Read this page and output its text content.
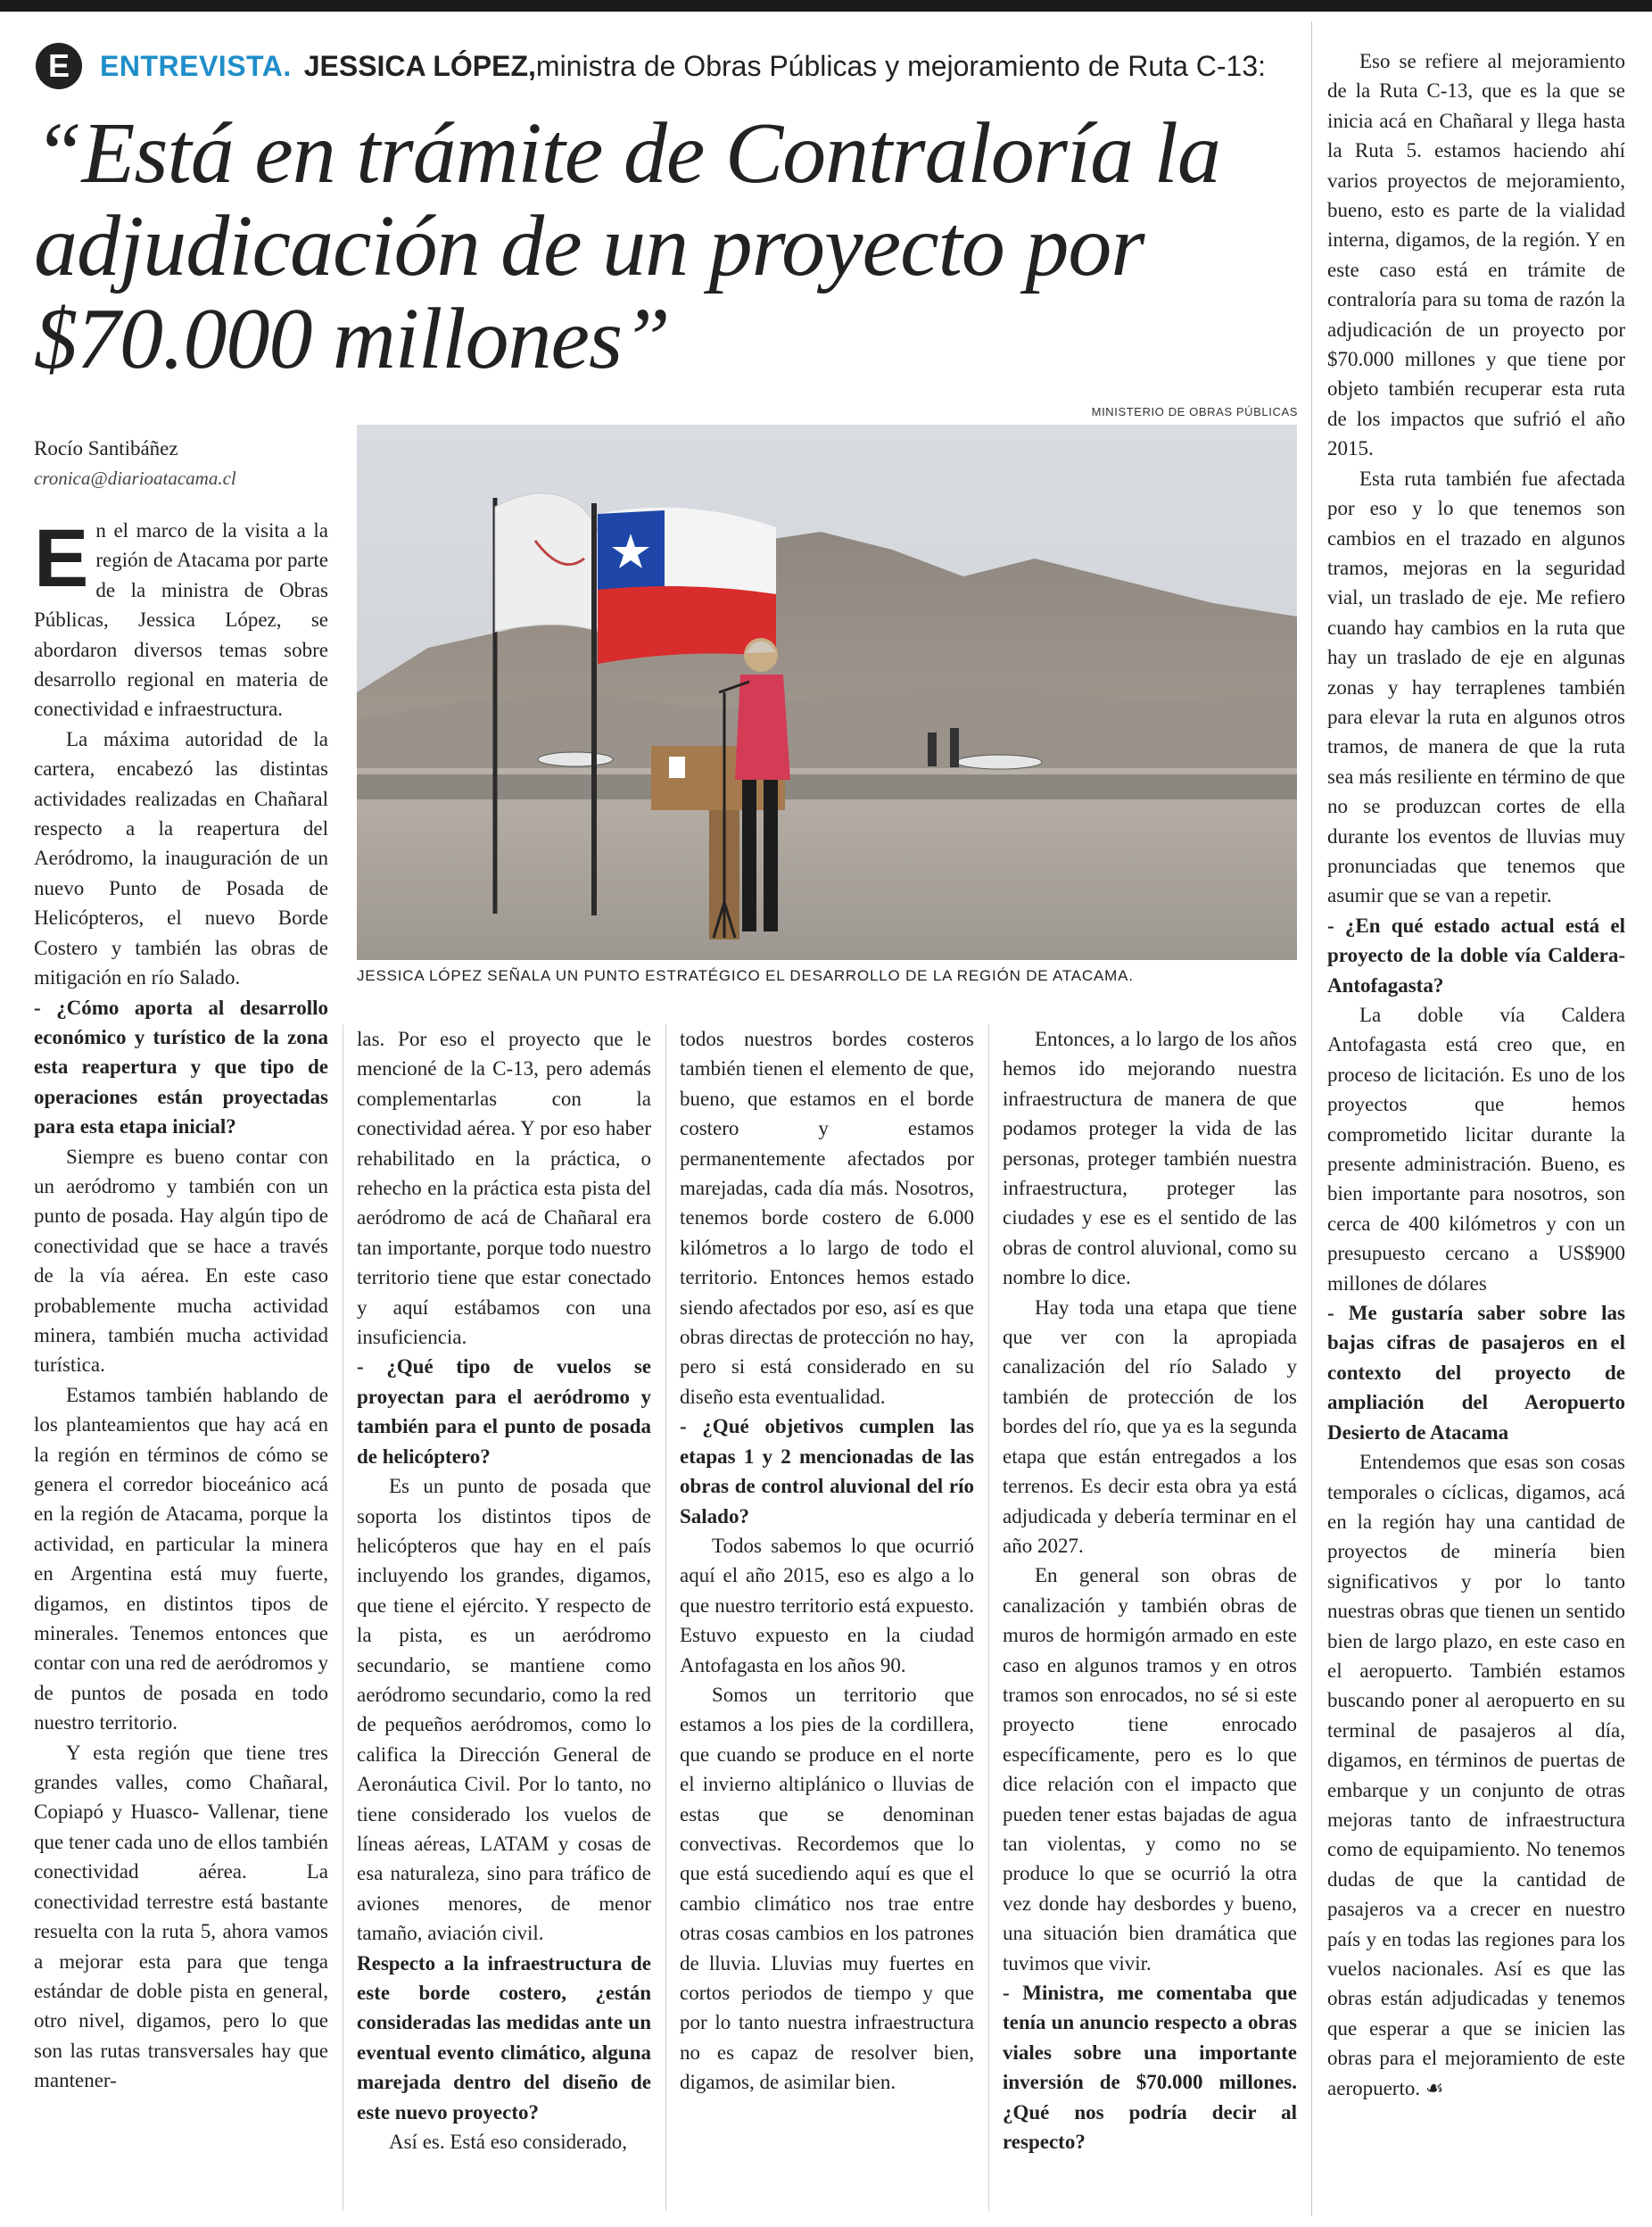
E	ENTREVISTA. JESSICA LÓPEZ, ministra de Obras Públicas y mejoramiento de Ruta C-13:
“Está en trámite de Contraloría la adjudicación de un proyecto por $70.000 millones”
Rocío Santibáñez
cronica@diarioatacama.cl
MINISTERIO DE OBRAS PÚBLICAS
JESSICA LÓPEZ SEÑALA UN PUNTO ESTRATÉGICO EL DESARROLLO DE LA REGIÓN DE ATACAMA.

En el marco de la visita a la región de Atacama por parte de la ministra de Obras Públicas, Jessica López, se abordaron diversos temas sobre desarrollo regional en materia de conectividad e infraestructura.

La máxima autoridad de la cartera, encabezó las distintas actividades realizadas en Chañaral respecto a la reapertura del Aeródromo, la inauguración de un nuevo Punto de Posada de Helicópteros, el nuevo Borde Costero y también las obras de mitigación en río Salado.

- ¿Cómo aporta al desarrollo económico y turístico de la zona esta reapertura y que tipo de operaciones están proyectadas para esta etapa inicial?

Siempre es bueno contar con un aeródromo y también con un punto de posada. Hay algún tipo de conectividad que se hace a través de la vía aérea. En este caso probablemente mucha actividad minera, también mucha actividad turística.

Estamos también hablando de los planteamientos que hay acá en la región en términos de cómo se genera el corredor bioceánico acá en la región de Atacama, porque la actividad, en particular la minera en Argentina está muy fuerte, digamos, en distintos tipos de minerales. Tenemos entonces que contar con una red de aeródromos y de puntos de posada en todo nuestro territorio.

Y esta región que tiene tres grandes valles, como Chañaral, Copiapó y Huasco- Vallenar, tiene que tener cada uno de ellos también conectividad aérea. La conectividad terrestre está bastante resuelta con la ruta 5, ahora vamos a mejorar esta para que tenga estándar de doble pista en general, otro nivel, digamos, pero lo que son las rutas transversales hay que mantener-

las. Por eso el proyecto que le mencioné de la C-13, pero además complementarlas con la conectividad aérea. Y por eso haber rehabilitado en la práctica, o rehecho en la práctica esta pista del aeródromo de acá de Chañaral era tan importante, porque todo nuestro territorio tiene que estar conectado y aquí estábamos con una insuficiencia.

- ¿Qué tipo de vuelos se proyectan para el aeródromo y también para el punto de posada de helicóptero?

Es un punto de posada que soporta los distintos tipos de helicópteros que hay en el país incluyendo los grandes, digamos, que tiene el ejército. Y respecto de la pista, es un aeródromo secundario, se mantiene como aeródromo secundario, como la red de pequeños aeródromos, como lo califica la Dirección General de Aeronáutica Civil. Por lo tanto, no tiene considerado los vuelos de líneas aéreas, LATAM y cosas de esa naturaleza, sino para tráfico de aviones menores, de menor tamaño, aviación civil.

Respecto a la infraestructura de este borde costero, ¿están consideradas las medidas ante un eventual evento climático, alguna marejada dentro del diseño de este nuevo proyecto?

Así es. Está eso considerado,

todos nuestros bordes costeros también tienen el elemento de que, bueno, que estamos en el borde costero y estamos permanentemente afectados por marejadas, cada día más. Nosotros, tenemos borde costero de 6.000 kilómetros a lo largo de todo el territorio. Entonces hemos estado siendo afectados por eso, así es que obras directas de protección no hay, pero si está considerado en su diseño esta eventualidad.

- ¿Qué objetivos cumplen las etapas 1 y 2 mencionadas de las obras de control aluvional del río Salado?

Todos sabemos lo que ocurrió aquí el año 2015, eso es algo a lo que nuestro territorio está expuesto. Estuvo expuesto en la ciudad Antofagasta en los años 90.

Somos un territorio que estamos a los pies de la cordillera, que cuando se produce en el norte el invierno altiplánico o lluvias de estas que se denominan convectivas. Recordemos que lo que está sucediendo aquí es que el cambio climático nos trae entre otras cosas cambios en los patrones de lluvia. Lluvias muy fuertes en cortos periodos de tiempo y que por lo tanto nuestra infraestructura no es capaz de resolver bien, digamos, de asimilar bien.

Entonces, a lo largo de los años hemos ido mejorando nuestra infraestructura de manera de que podamos proteger la vida de las personas, proteger también nuestra infraestructura, proteger las ciudades y ese es el sentido de las obras de control aluvional, como su nombre lo dice.

Hay toda una etapa que tiene que ver con la apropiada canalización del río Salado y también de protección de los bordes del río, que ya es la segunda etapa que están entregados a los terrenos. Es decir esta obra ya está adjudicada y debería terminar en el año 2027.

En general son obras de canalización y también obras de muros de hormigón armado en este caso en algunos tramos y en otros tramos son enrocados, no sé si este proyecto tiene enrocado específicamente, pero es lo que dice relación con el impacto que pueden tener estas bajadas de agua tan violentas, y como no se produce lo que se ocurrió la otra vez donde hay desbordes y bueno, una situación bien dramática que tuvimos que vivir.

- Ministra, me comentaba que tenía un anuncio respecto a obras viales sobre una importante inversión de $70.000 millones. ¿Qué nos podría decir al respecto?

Eso se refiere al mejoramiento de la Ruta C-13, que es la que se inicia acá en Chañaral y llega hasta la Ruta 5. estamos haciendo ahí varios proyectos de mejoramiento, bueno, esto es parte de la vialidad interna, digamos, de la región. Y en este caso está en trámite de contraloría para su toma de razón la adjudicación de un proyecto por $70.000 millones y que tiene por objeto también recuperar esta ruta de los impactos que sufrió el año 2015.

Esta ruta también fue afectada por eso y lo que tenemos son cambios en el trazado en algunos tramos, mejoras en la seguridad vial, un traslado de eje. Me refiero cuando hay cambios en la ruta que hay un traslado de eje en algunas zonas y hay terraplenes también para elevar la ruta en algunos otros tramos, de manera de que la ruta sea más resiliente en término de que no se produzcan cortes de ella durante los eventos de lluvias muy pronunciadas que tenemos que asumir que se van a repetir.

- ¿En qué estado actual está el proyecto de la doble vía Caldera-Antofagasta?

La doble vía Caldera Antofagasta está creo que, en proceso de licitación. Es uno de los proyectos que hemos comprometido licitar durante la presente administración. Bueno, es bien importante para nosotros, son cerca de 400 kilómetros y con un presupuesto cercano a US$900 millones de dólares

- Me gustaría saber sobre las bajas cifras de pasajeros en el contexto del proyecto de ampliación del Aeropuerto Desierto de Atacama

Entendemos que esas son cosas temporales o cíclicas, digamos, acá en la región hay una cantidad de proyectos de minería bien significativos y por lo tanto nuestras obras que tienen un sentido bien de largo plazo, en este caso en el aeropuerto. También estamos buscando poner al aeropuerto en su terminal de pasajeros al día, digamos, en términos de puertas de embarque y un conjunto de otras mejoras tanto de infraestructura como de equipamiento. No tenemos dudas de que la cantidad de pasajeros va a crecer en nuestro país y en todas las regiones para los vuelos nacionales. Así es que las obras están adjudicadas y tenemos que esperar a que se inicien las obras para el mejoramiento de este aeropuerto. ☙
